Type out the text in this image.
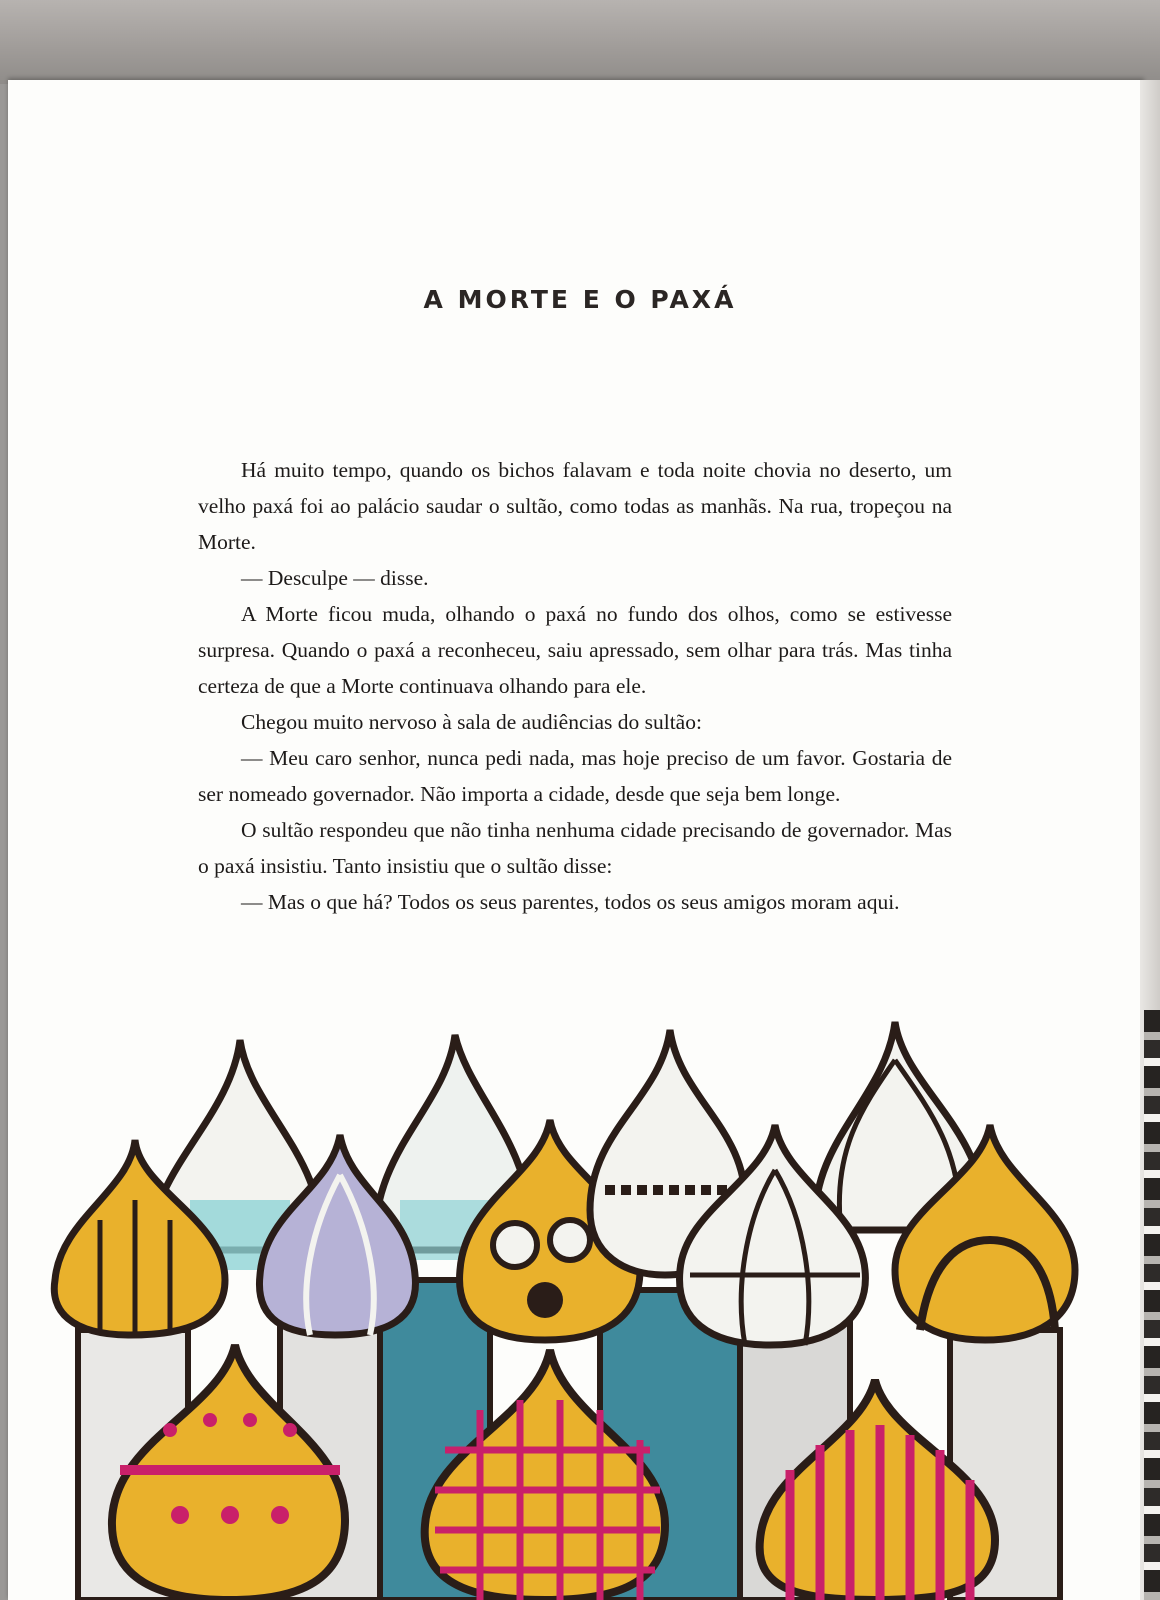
A MORTE E O PAXÁ

Há muito tempo, quando os bichos falavam e toda noite chovia no deserto, um velho paxá foi ao palácio saudar o sultão, como todas as manhãs. Na rua, tropeçou na Morte.

— Desculpe — disse.

A Morte ficou muda, olhando o paxá no fundo dos olhos, como se estivesse surpresa. Quando o paxá a reconheceu, saiu apressado, sem olhar para trás. Mas tinha certeza de que a Morte continuava olhando para ele.

Chegou muito nervoso à sala de audiências do sultão:

— Meu caro senhor, nunca pedi nada, mas hoje preciso de um favor. Gostaria de ser nomeado governador. Não importa a cidade, desde que seja bem longe.

O sultão respondeu que não tinha nenhuma cidade precisando de governador. Mas o paxá insistiu. Tanto insistiu que o sultão disse:

— Mas o que há? Todos os seus parentes, todos os seus amigos moram aqui.
